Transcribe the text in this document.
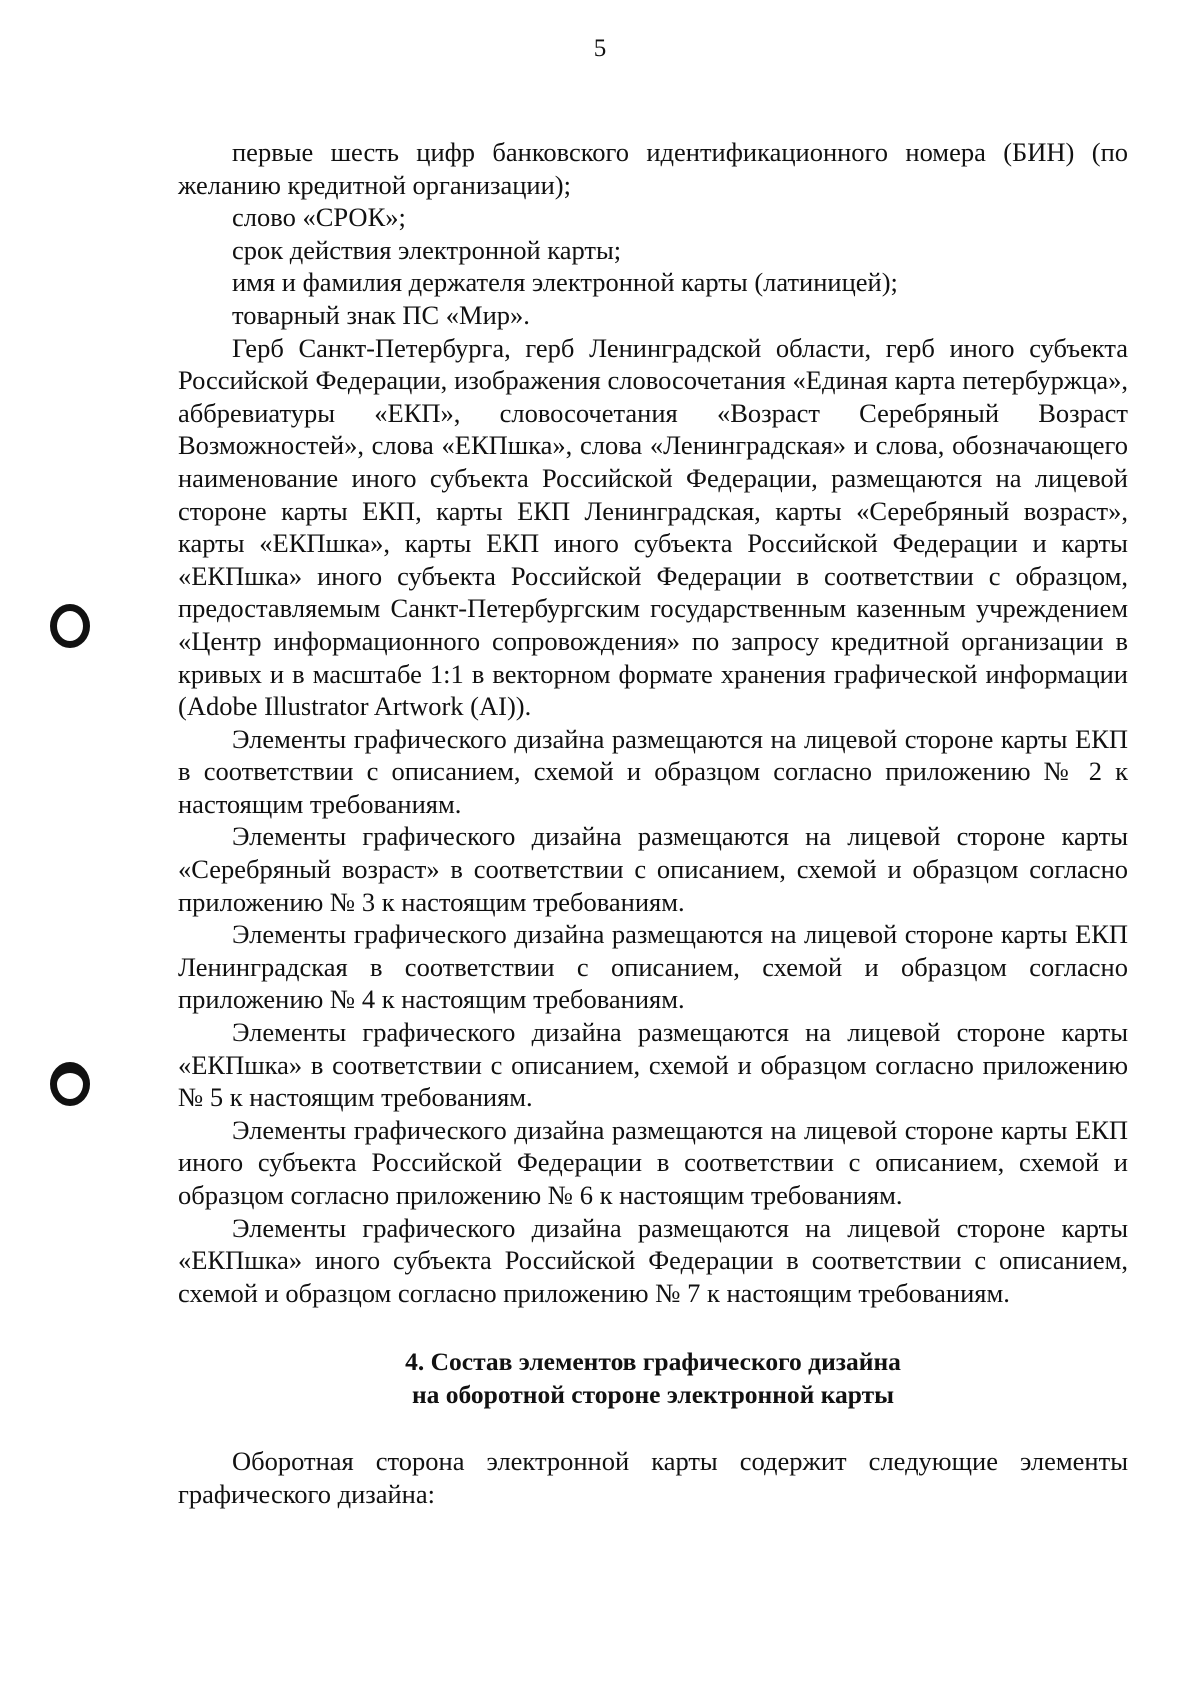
5

первые шесть цифр банковского идентификационного номера (БИН) (по желанию кредитной организации);

слово «СРОК»;

срок действия электронной карты;

имя и фамилия держателя электронной карты (латиницей);

товарный знак ПС «Мир».

Герб Санкт-Петербурга, герб Ленинградской области, герб иного субъекта Российской Федерации, изображения словосочетания «Единая карта петербуржца», аббревиатуры «ЕКП», словосочетания «Возраст Серебряный Возраст Возможностей», слова «ЕКПшка», слова «Ленинградская» и слова, обозначающего наименование иного субъекта Российской Федерации, размещаются на лицевой стороне карты ЕКП, карты ЕКП Ленинградская, карты «Серебряный возраст», карты «ЕКПшка», карты ЕКП иного субъекта Российской Федерации и карты «ЕКПшка» иного субъекта Российской Федерации в соответствии с образцом, предоставляемым Санкт-Петербургским государственным казенным учреждением «Центр информационного сопровождения» по запросу кредитной организации в кривых и в масштабе 1:1 в векторном формате хранения графической информации (Adobe Illustrator Artwork (AI)).

Элементы графического дизайна размещаются на лицевой стороне карты ЕКП в соответствии с описанием, схемой и образцом согласно приложению № 2 к настоящим требованиям.

Элементы графического дизайна размещаются на лицевой стороне карты «Серебряный возраст» в соответствии с описанием, схемой и образцом согласно приложению № 3 к настоящим требованиям.

Элементы графического дизайна размещаются на лицевой стороне карты ЕКП Ленинградская в соответствии с описанием, схемой и образцом согласно приложению № 4 к настоящим требованиям.

Элементы графического дизайна размещаются на лицевой стороне карты «ЕКПшка» в соответствии с описанием, схемой и образцом согласно приложению № 5 к настоящим требованиям.

Элементы графического дизайна размещаются на лицевой стороне карты ЕКП иного субъекта Российской Федерации в соответствии с описанием, схемой и образцом согласно приложению № 6 к настоящим требованиям.

Элементы графического дизайна размещаются на лицевой стороне карты «ЕКПшка» иного субъекта Российской Федерации в соответствии с описанием, схемой и образцом согласно приложению № 7 к настоящим требованиям.

4. Состав элементов графического дизайна
на оборотной стороне электронной карты

Оборотная сторона электронной карты содержит следующие элементы графического дизайна:
